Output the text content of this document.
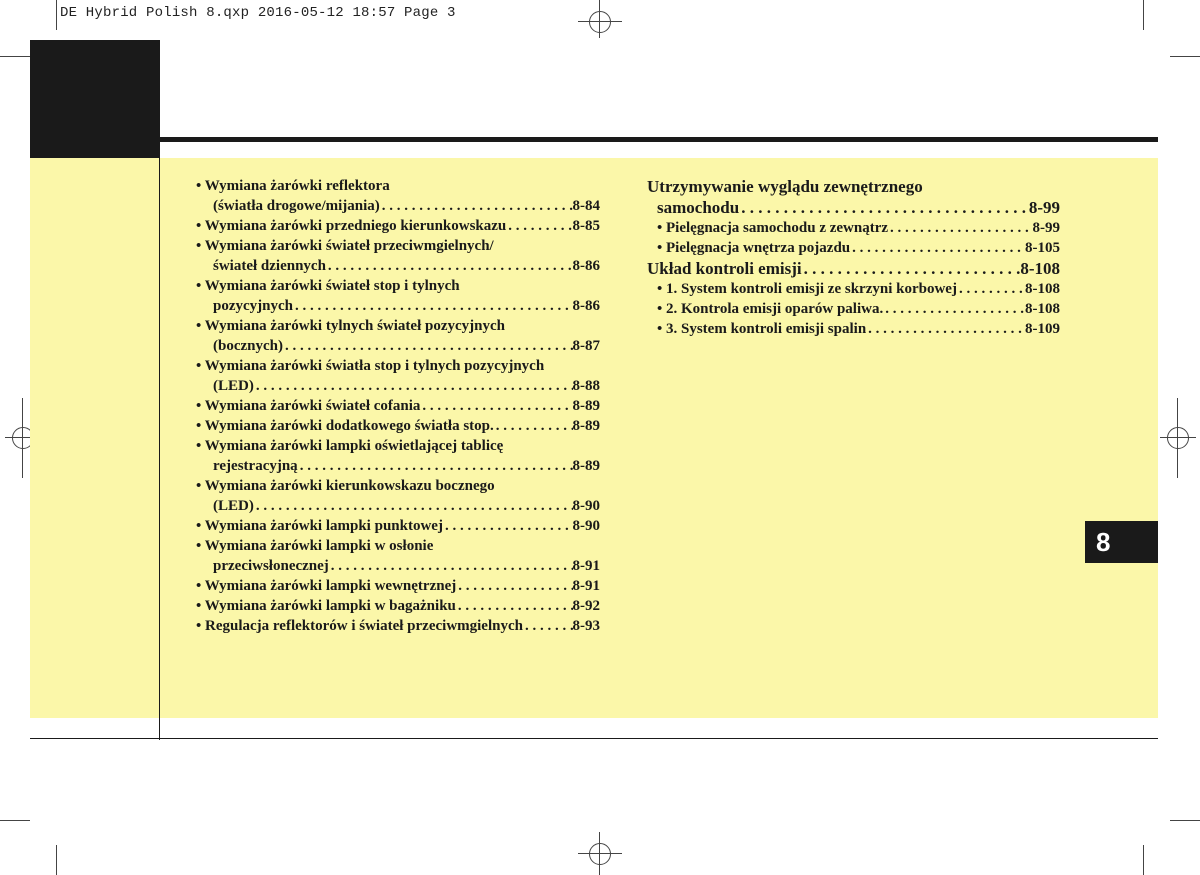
DE Hybrid Polish 8.qxp 2016-05-12 18:57 Page 3
8
• Wymiana żarówki reflektora
(światła drogowe/mijania) . . .	8-84
• Wymiana żarówki przedniego kierunkowskazu . . .	8-85
• Wymiana żarówki świateł przeciwmgielnych/
świateł dziennych . . .	8-86
• Wymiana żarówki świateł stop i tylnych
pozycyjnych . . .	8-86
• Wymiana żarówki tylnych świateł pozycyjnych
(bocznych) . . .	8-87
• Wymiana żarówki światła stop i tylnych pozycyjnych
(LED) . . .	8-88
• Wymiana żarówki świateł cofania . . .	8-89
• Wymiana żarówki dodatkowego światła stop. . . .	8-89
• Wymiana żarówki lampki oświetlającej tablicę
rejestracyjną . . .	8-89
• Wymiana żarówki kierunkowskazu bocznego
(LED) . . .	8-90
• Wymiana żarówki lampki punktowej . . .	8-90
• Wymiana żarówki lampki w osłonie
przeciwsłonecznej . . .	8-91
• Wymiana żarówki lampki wewnętrznej . . .	8-91
• Wymiana żarówki lampki w bagażniku . . .	8-92
• Regulacja reflektorów i świateł przeciwmgielnych . . .	8-93
Utrzymywanie wyglądu zewnętrznego
samochodu . . .	8-99
• Pielęgnacja samochodu z zewnątrz . . .	8-99
• Pielęgnacja wnętrza pojazdu . . .	8-105
Układ kontroli emisji . . .	8-108
• 1. System kontroli emisji ze skrzyni korbowej . . .	8-108
• 2. Kontrola emisji oparów paliwa. . . .	8-108
• 3. System kontroli emisji spalin . . .	8-109
